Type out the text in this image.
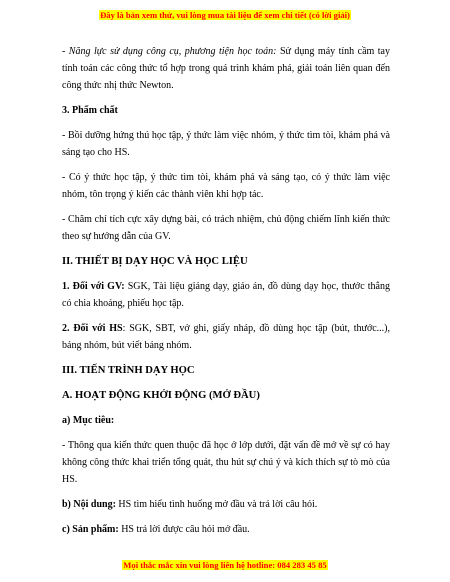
Đây là bản xem thử, vui lòng mua tài liệu để xem chi tiết (có lời giải)

- Năng lực sử dụng công cụ, phương tiện học toán: Sử dụng máy tính cầm tay tính toán các công thức tổ hợp trong quá trình khám phá, giải toán liên quan đến công thức nhị thức Newton.

3. Phẩm chất

- Bồi dưỡng hứng thú học tập, ý thức làm việc nhóm, ý thức tìm tòi, khám phá và sáng tạo cho HS.

- Có ý thức học tập, ý thức tìm tòi, khám phá và sáng tạo, có ý thức làm việc nhóm, tôn trọng ý kiến các thành viên khi hợp tác.

- Chăm chỉ tích cực xây dựng bài, có trách nhiệm, chủ động chiếm lĩnh kiến thức theo sự hướng dẫn của GV.

II. THIẾT BỊ DẠY HỌC VÀ HỌC LIỆU

1. Đối với GV: SGK, Tài liệu giảng dạy, giáo án, đồ dùng dạy học, thước thẳng có chia khoảng, phiếu học tập.

2. Đối với HS: SGK, SBT, vở ghi, giấy nháp, đồ dùng học tập (bút, thước...), bảng nhóm, bút viết bảng nhóm.

III. TIẾN TRÌNH DẠY HỌC

A. HOẠT ĐỘNG KHỞI ĐỘNG (MỞ ĐẦU)

a) Mục tiêu:

- Thông qua kiến thức quen thuộc đã học ở lớp dưới, đặt vấn đề mở về sự có hay không công thức khai triển tổng quát, thu hút sự chú ý và kích thích sự tò mò của HS.

b) Nội dung: HS tìm hiểu tình huống mở đầu và trả lời câu hỏi.

c) Sản phẩm: HS trả lời được câu hỏi mở đầu.

Mọi thắc mắc xin vui lòng liên hệ hotline: 084 283 45 85
